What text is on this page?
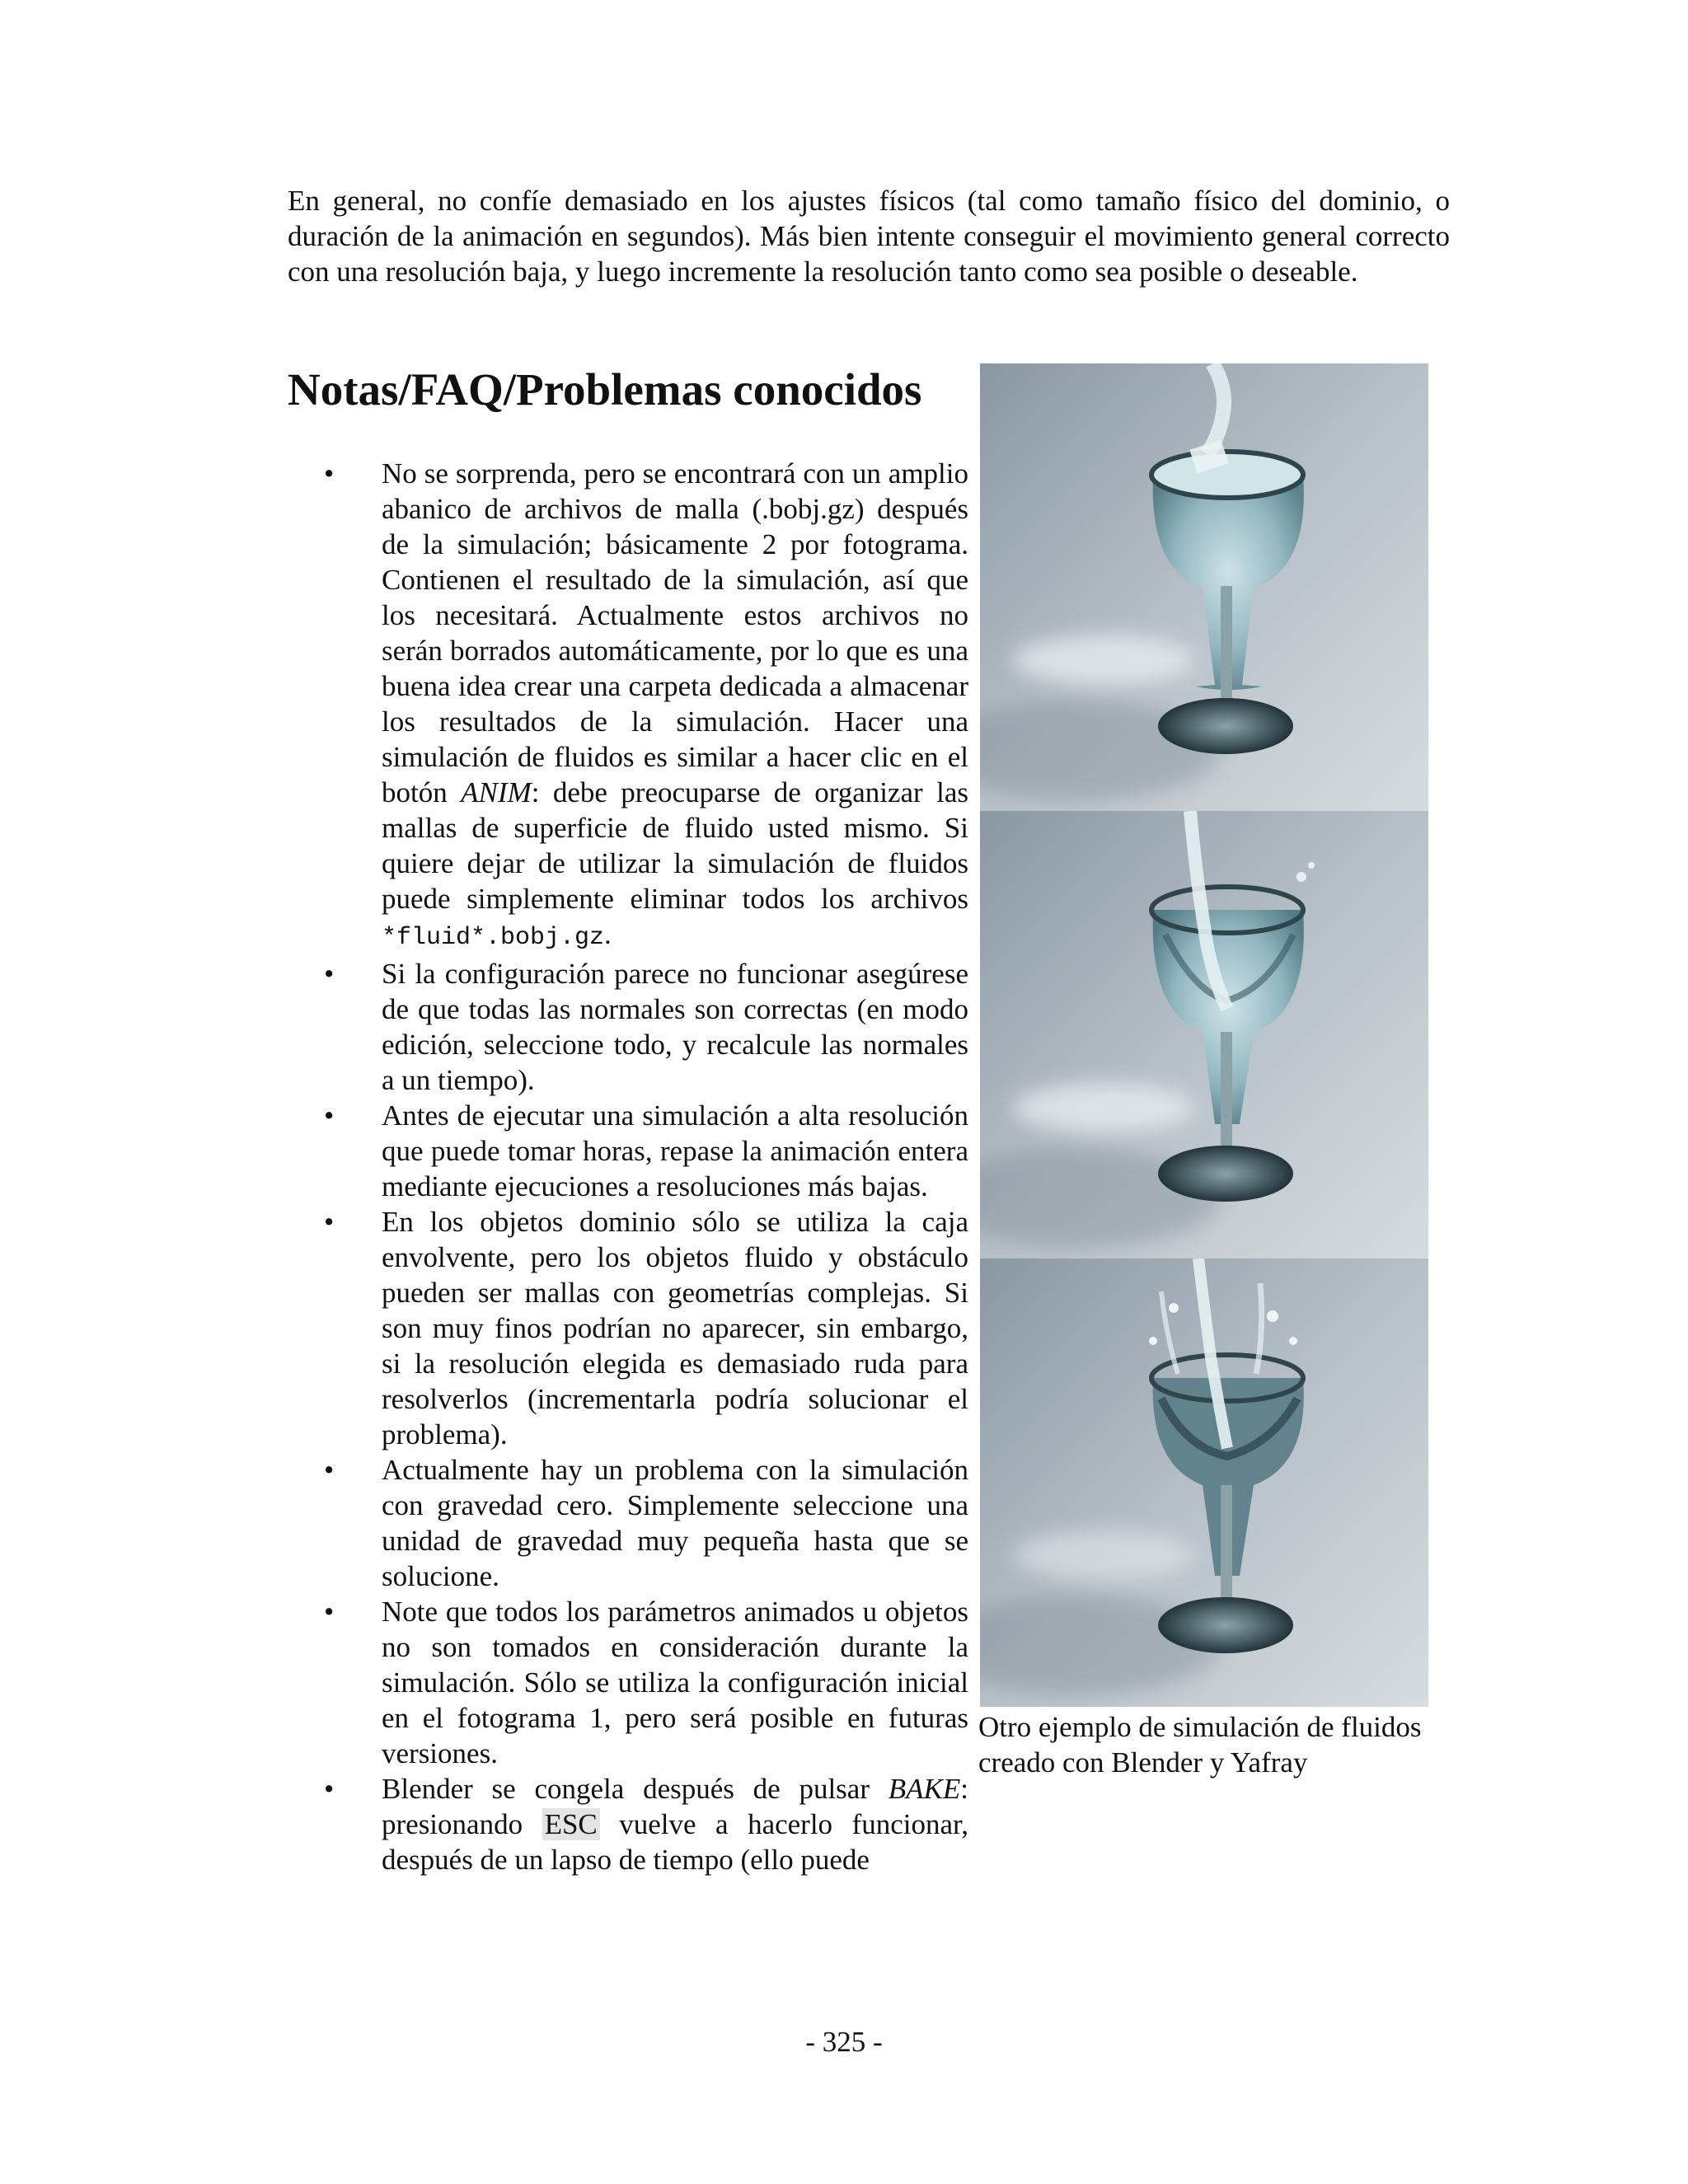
En general, no confíe demasiado en los ajustes físicos (tal como tamaño físico del dominio, o duración de la animación en segundos). Más bien intente conseguir el movimiento general correcto con una resolución baja, y luego incremente la resolución tanto como sea posible o deseable.

Notas/FAQ/Problemas conocidos
• No se sorprenda, pero se encontrará con un amplio abanico de archivos de malla (.bobj.gz) después de la simulación; básicamente 2 por fotograma. Contienen el resultado de la simulación, así que los necesitará. Actualmente estos archivos no serán borrados automáticamente, por lo que es una buena idea crear una carpeta dedicada a almacenar los resultados de la simulación. Hacer una simulación de fluidos es similar a hacer clic en el botón ANIM: debe preocuparse de organizar las mallas de superficie de fluido usted mismo. Si quiere dejar de utilizar la simulación de fluidos puede simplemente eliminar todos los archivos *fluid*.bobj.gz.
• Si la configuración parece no funcionar asegúrese de que todas las normales son correctas (en modo edición, seleccione todo, y recalcule las normales a un tiempo).
• Antes de ejecutar una simulación a alta resolución que puede tomar horas, repase la animación entera mediante ejecuciones a resoluciones más bajas.
• En los objetos dominio sólo se utiliza la caja envolvente, pero los objetos fluido y obstáculo pueden ser mallas con geometrías complejas. Si son muy finos podrían no aparecer, sin embargo, si la resolución elegida es demasiado ruda para resolverlos (incrementarla podría solucionar el problema).
• Actualmente hay un problema con la simulación con gravedad cero. Simplemente seleccione una unidad de gravedad muy pequeña hasta que se solucione.
• Note que todos los parámetros animados u objetos no son tomados en consideración durante la simulación. Sólo se utiliza la configuración inicial en el fotograma 1, pero será posible en futuras versiones.
• Blender se congela después de pulsar BAKE: presionando ESC vuelve a hacerlo funcionar, después de un lapso de tiempo (ello puede

Otro ejemplo de simulación de fluidos creado con Blender y Yafray

- 325 -
